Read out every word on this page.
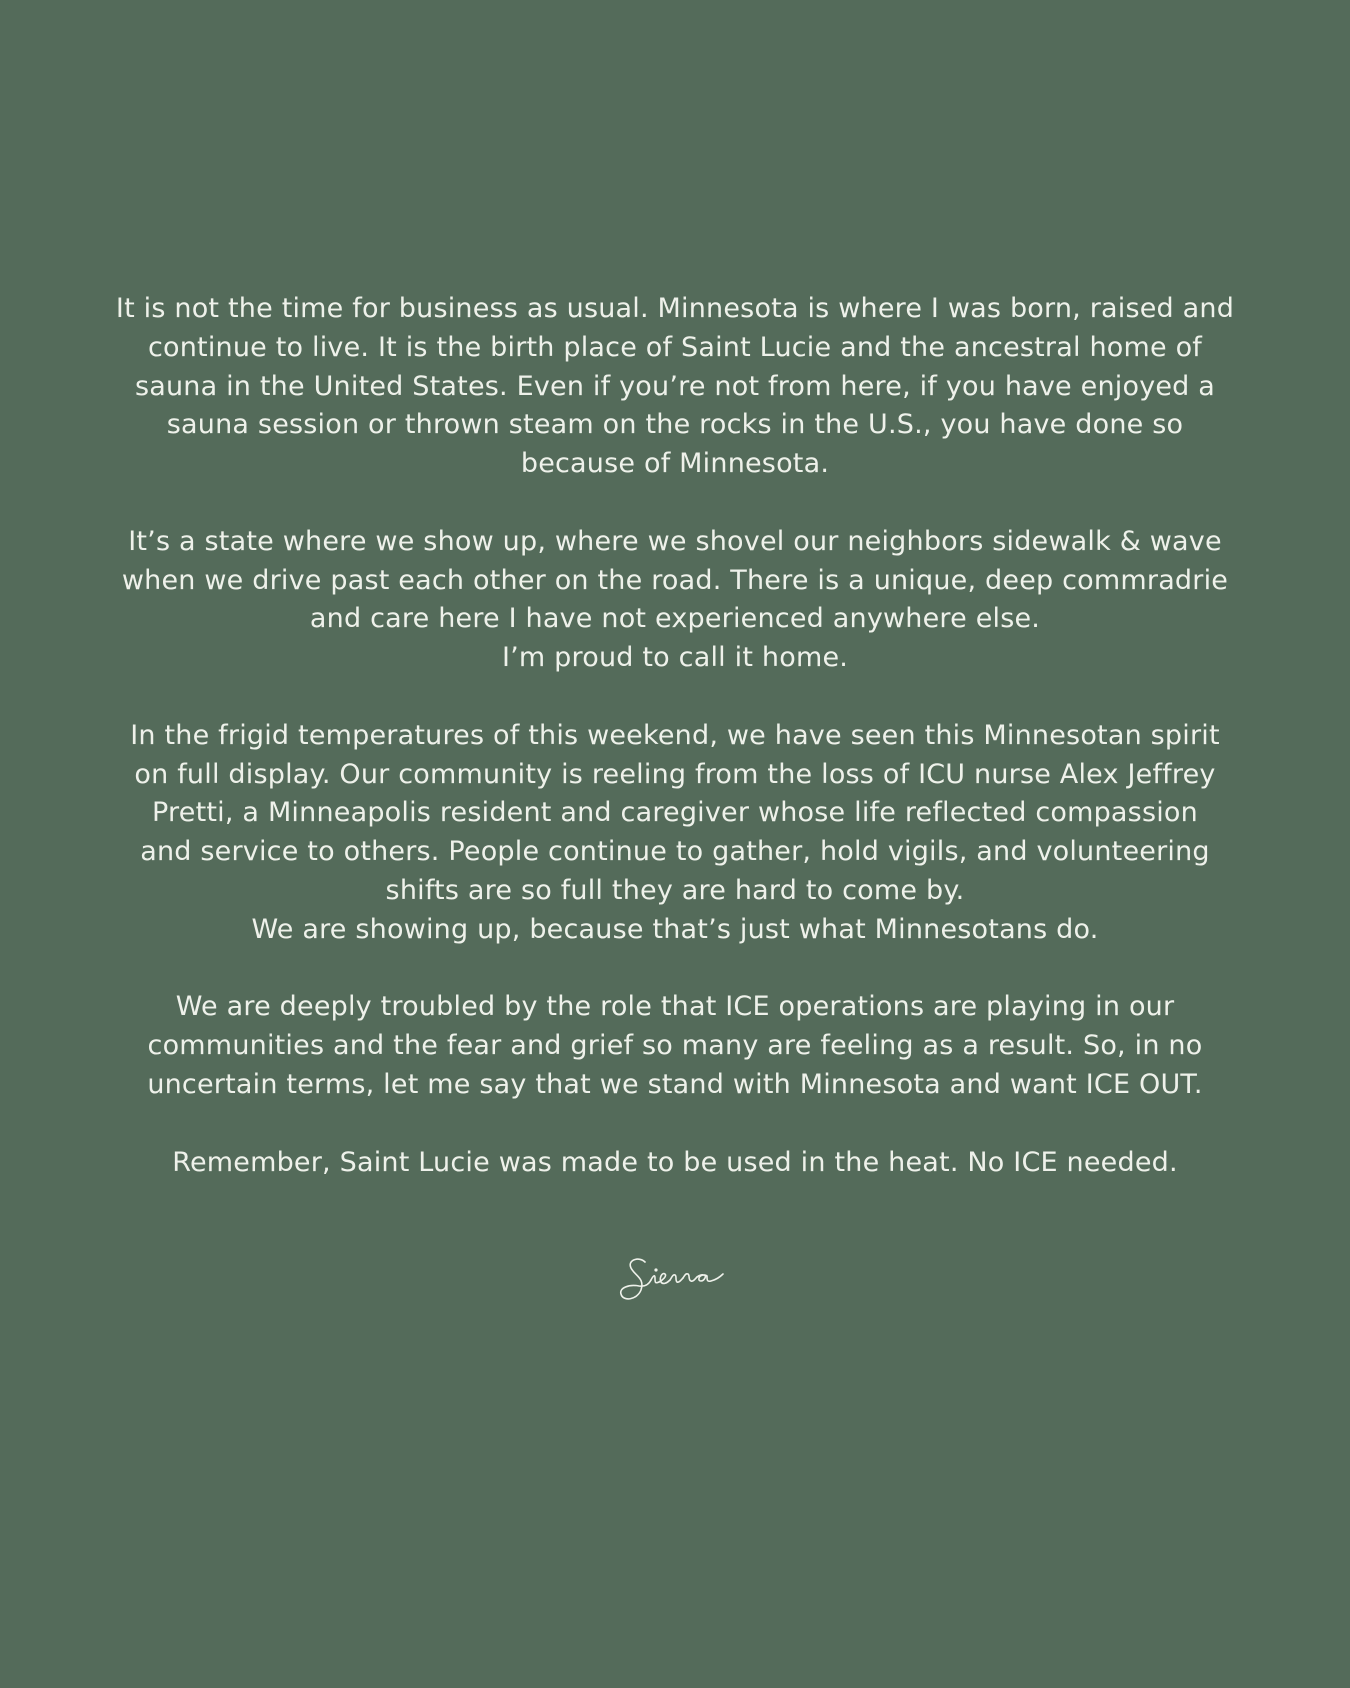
It is not the time for business as usual. Minnesota is where I was born, raised and
continue to live. It is the birth place of Saint Lucie and the ancestral home of
sauna in the United States. Even if you’re not from here, if you have enjoyed a
sauna session or thrown steam on the rocks in the U.S., you have done so
because of Minnesota.

It’s a state where we show up, where we shovel our neighbors sidewalk & wave
when we drive past each other on the road. There is a unique, deep commradrie
and care here I have not experienced anywhere else.
I’m proud to call it home.

In the frigid temperatures of this weekend, we have seen this Minnesotan spirit
on full display. Our community is reeling from the loss of ICU nurse Alex Jeffrey
Pretti, a Minneapolis resident and caregiver whose life reflected compassion
and service to others. People continue to gather, hold vigils, and volunteering
shifts are so full they are hard to come by.
We are showing up, because that’s just what Minnesotans do.

We are deeply troubled by the role that ICE operations are playing in our
communities and the fear and grief so many are feeling as a result. So, in no
uncertain terms, let me say that we stand with Minnesota and want ICE OUT.

Remember, Saint Lucie was made to be used in the heat. No ICE needed.
